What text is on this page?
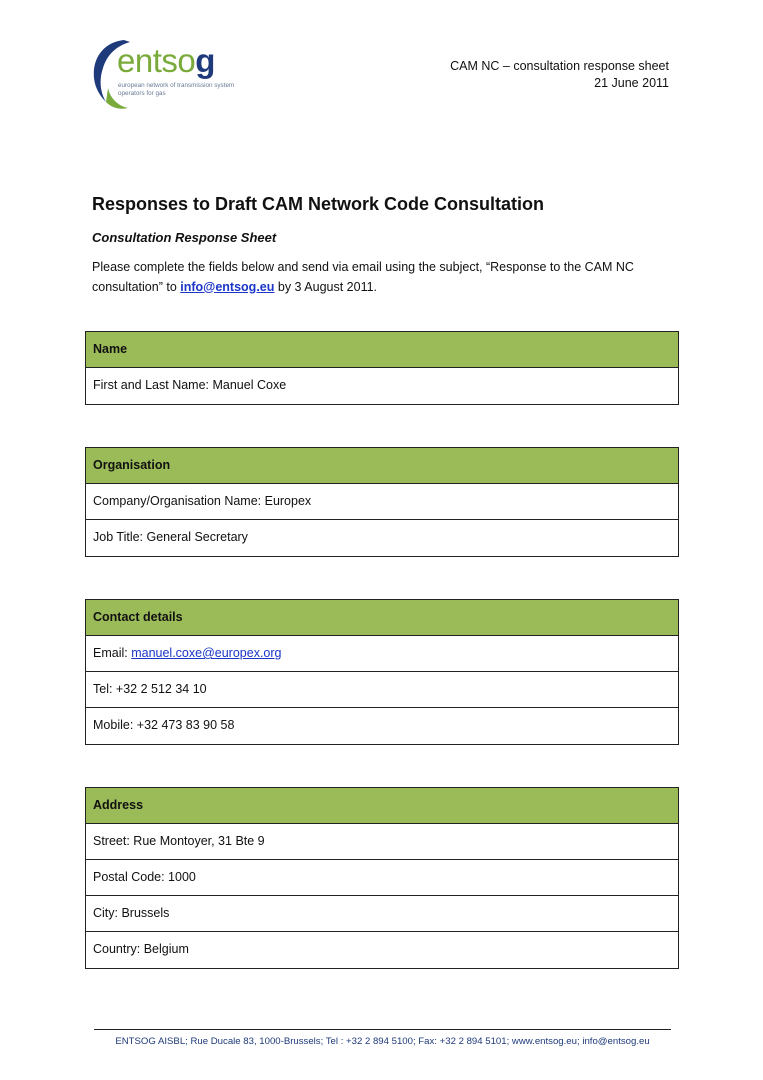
entsog
european network of transmission system operators for gas
CAM NC – consultation response sheet
21 June 2011
Responses to Draft CAM Network Code Consultation
Consultation Response Sheet
Please complete the fields below and send via email using the subject, “Response to the CAM NC consultation” to info@entsog.eu by 3 August 2011.
Name
First and Last Name: Manuel Coxe
Organisation
Company/Organisation Name: Europex
Job Title: General Secretary
Contact details
Email: manuel.coxe@europex.org
Tel: +32 2 512 34 10
Mobile: +32 473 83 90 58
Address
Street: Rue Montoyer, 31 Bte 9
Postal Code: 1000
City: Brussels
Country: Belgium
ENTSOG AISBL; Rue Ducale 83, 1000-Brussels; Tel : +32 2 894 5100; Fax: +32 2 894 5101; www.entsog.eu; info@entsog.eu
